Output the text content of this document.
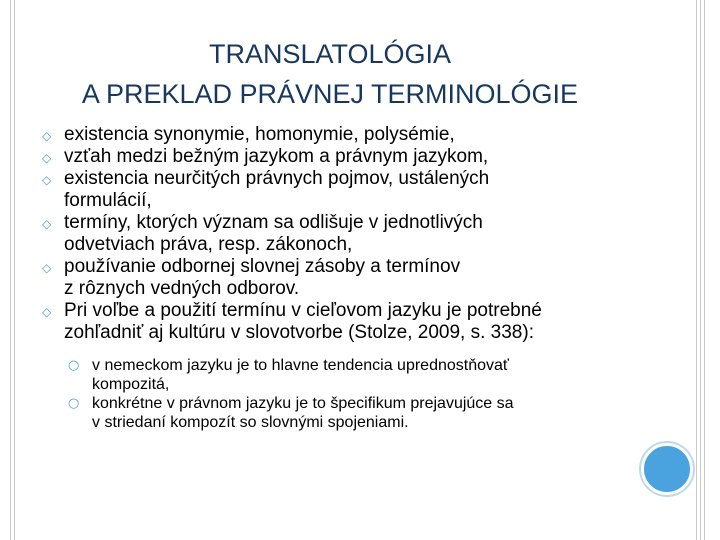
TRANSLATOLÓGIA
A PREKLAD PRÁVNEJ TERMINOLÓGIE
◇ existencia synonymie, homonymie, polysémie,
◇ vzťah medzi bežným jazykom a právnym jazykom,
◇ existencia neurčitých právnych pojmov, ustálených
formulácií,
◇ termíny, ktorých význam sa odlišuje v jednotlivých
odvetviach práva, resp. zákonoch,
◇ používanie odbornej slovnej zásoby a termínov
z rôznych vedných odborov.
◇ Pri voľbe a použití termínu v cieľovom jazyku je potrebné
zohľadniť aj kultúru v slovotvorbe (Stolze, 2009, s. 338):
○ v nemeckom jazyku je to hlavne tendencia uprednostňovať
kompozitá,
○ konkrétne v právnom jazyku je to špecifikum prejavujúce sa
v striedaní kompozít so slovnými spojeniami.
